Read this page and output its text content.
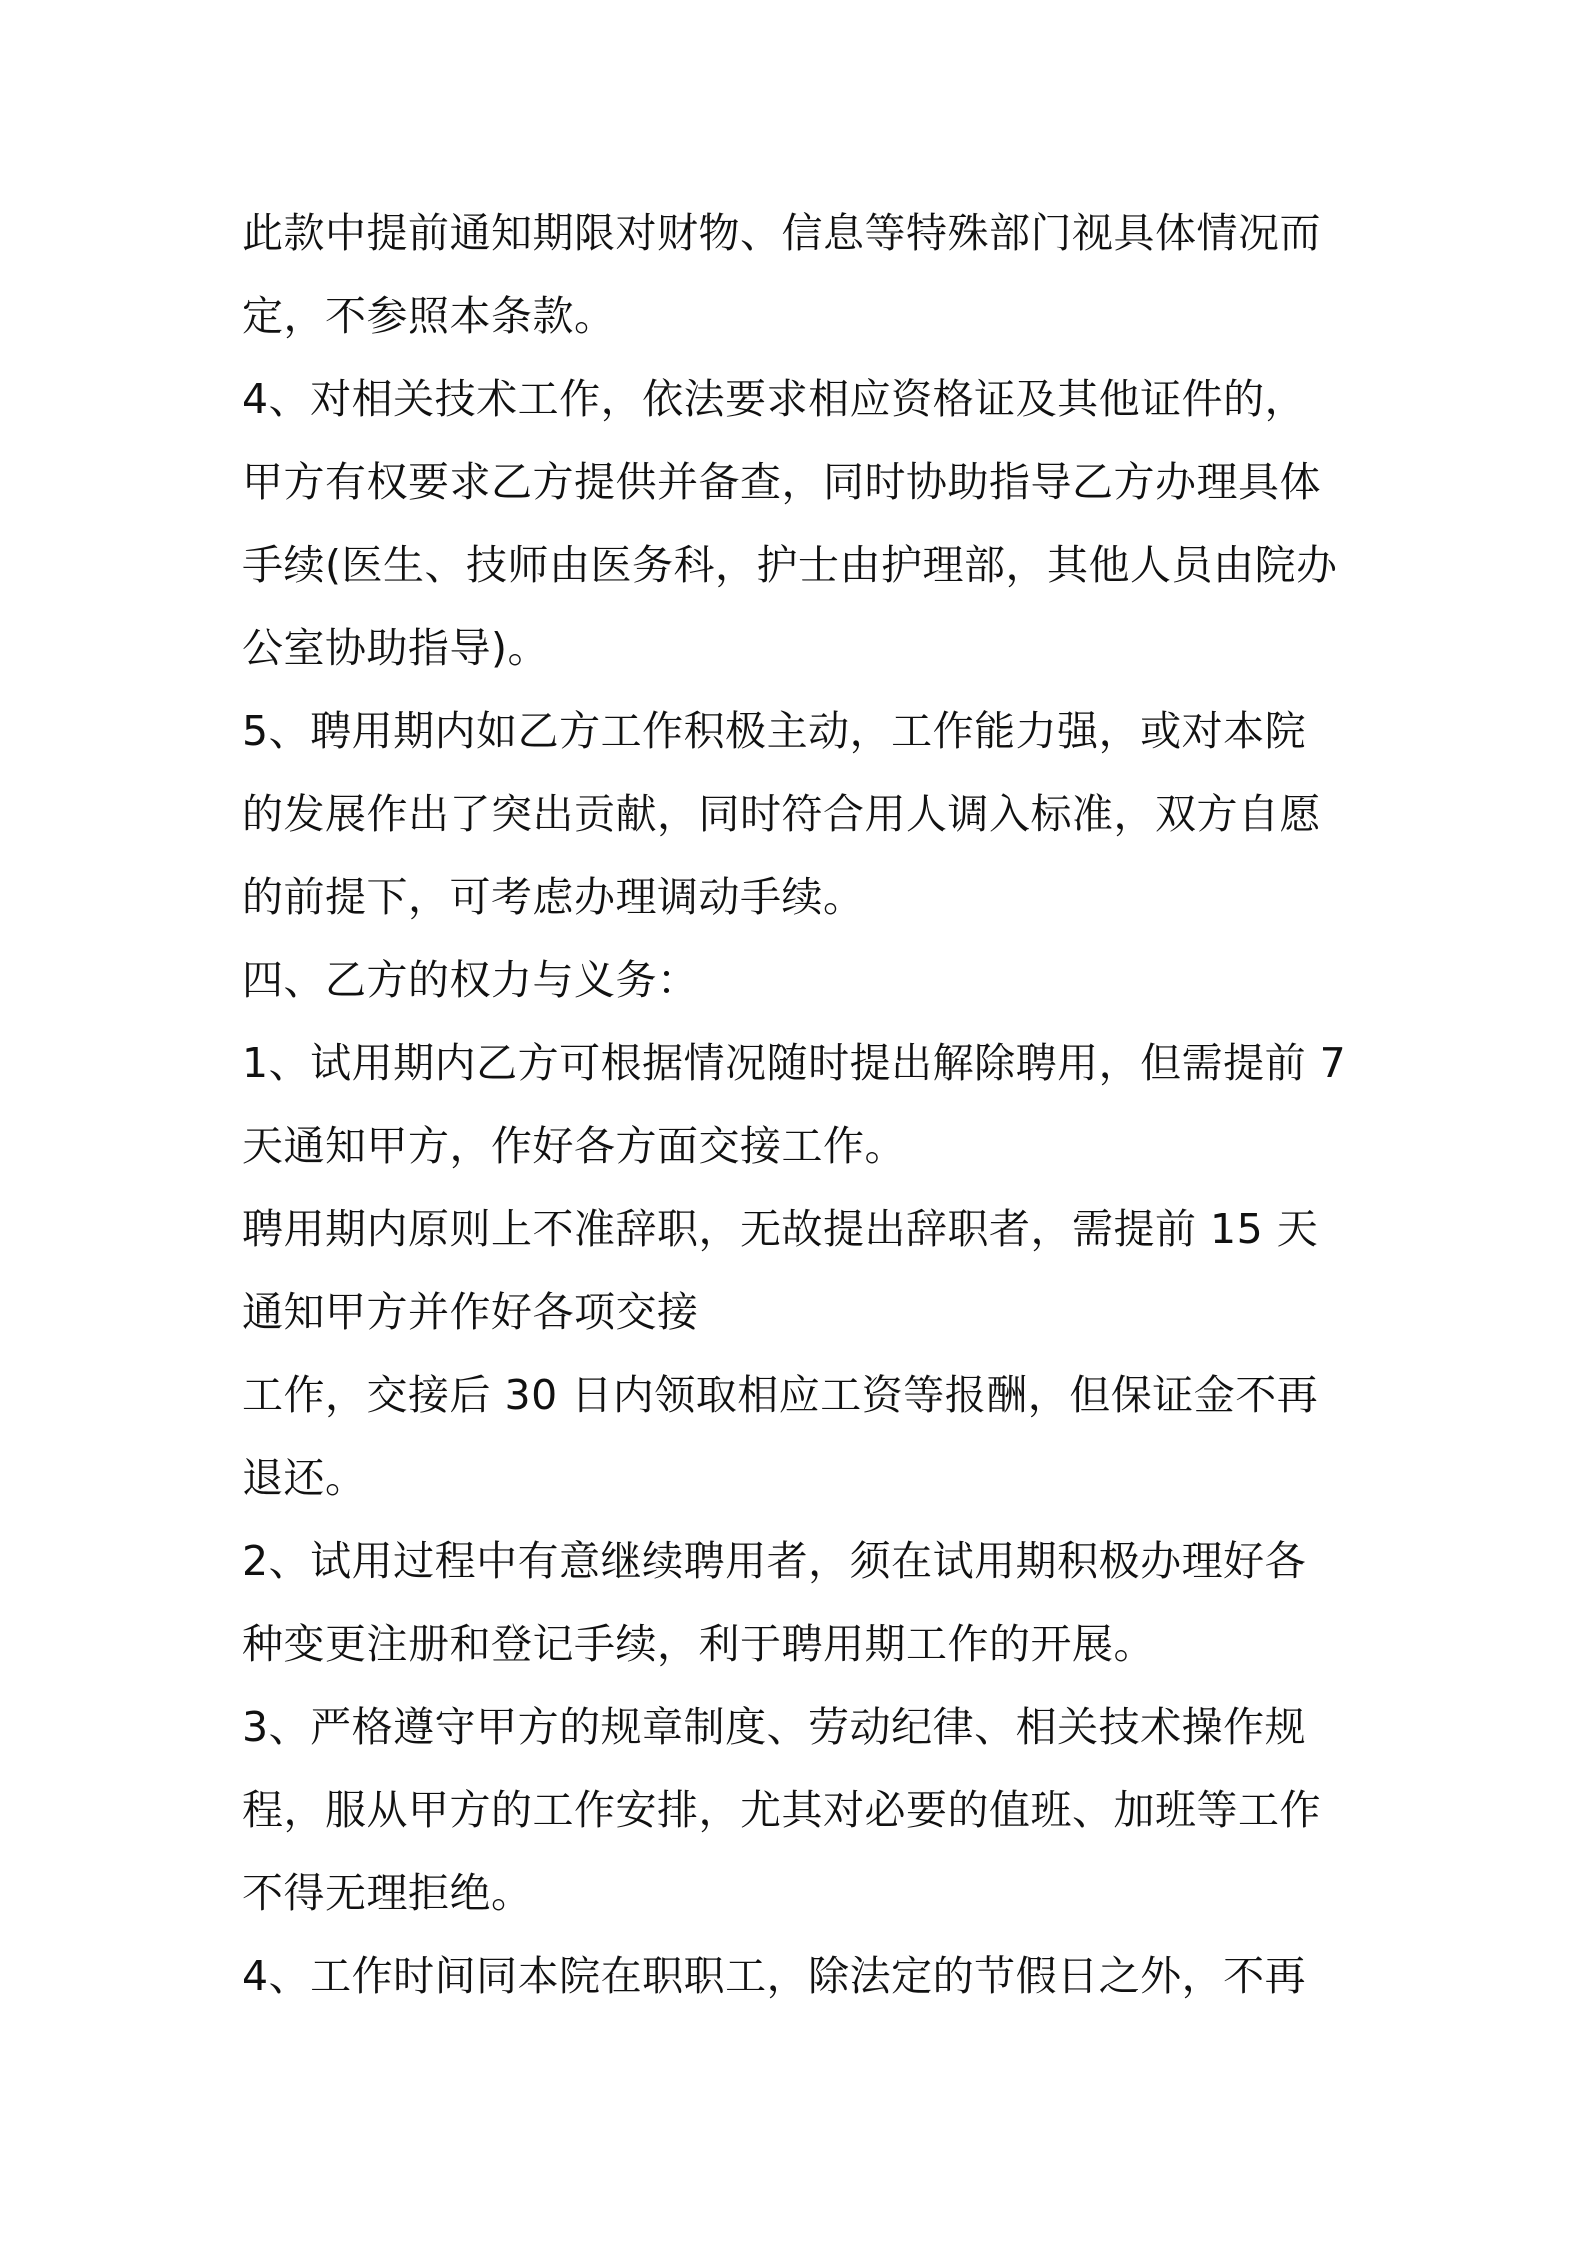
此款中提前通知期限对财物、信息等特殊部门视具体情况而
定，不参照本条款。
4、对相关技术工作，依法要求相应资格证及其他证件的，
甲方有权要求乙方提供并备查，同时协助指导乙方办理具体
手续(医生、技师由医务科，护士由护理部，其他人员由院办
公室协助指导)。
5、聘用期内如乙方工作积极主动，工作能力强，或对本院
的发展作出了突出贡献，同时符合用人调入标准，双方自愿
的前提下，可考虑办理调动手续。
四、乙方的权力与义务：
1、试用期内乙方可根据情况随时提出解除聘用，但需提前 7
天通知甲方，作好各方面交接工作。
聘用期内原则上不准辞职，无故提出辞职者，需提前 15 天
通知甲方并作好各项交接
工作，交接后 30 日内领取相应工资等报酬，但保证金不再
退还。
2、试用过程中有意继续聘用者，须在试用期积极办理好各
种变更注册和登记手续，利于聘用期工作的开展。
3、严格遵守甲方的规章制度、劳动纪律、相关技术操作规
程，服从甲方的工作安排，尤其对必要的值班、加班等工作
不得无理拒绝。
4、工作时间同本院在职职工，除法定的节假日之外，不再
